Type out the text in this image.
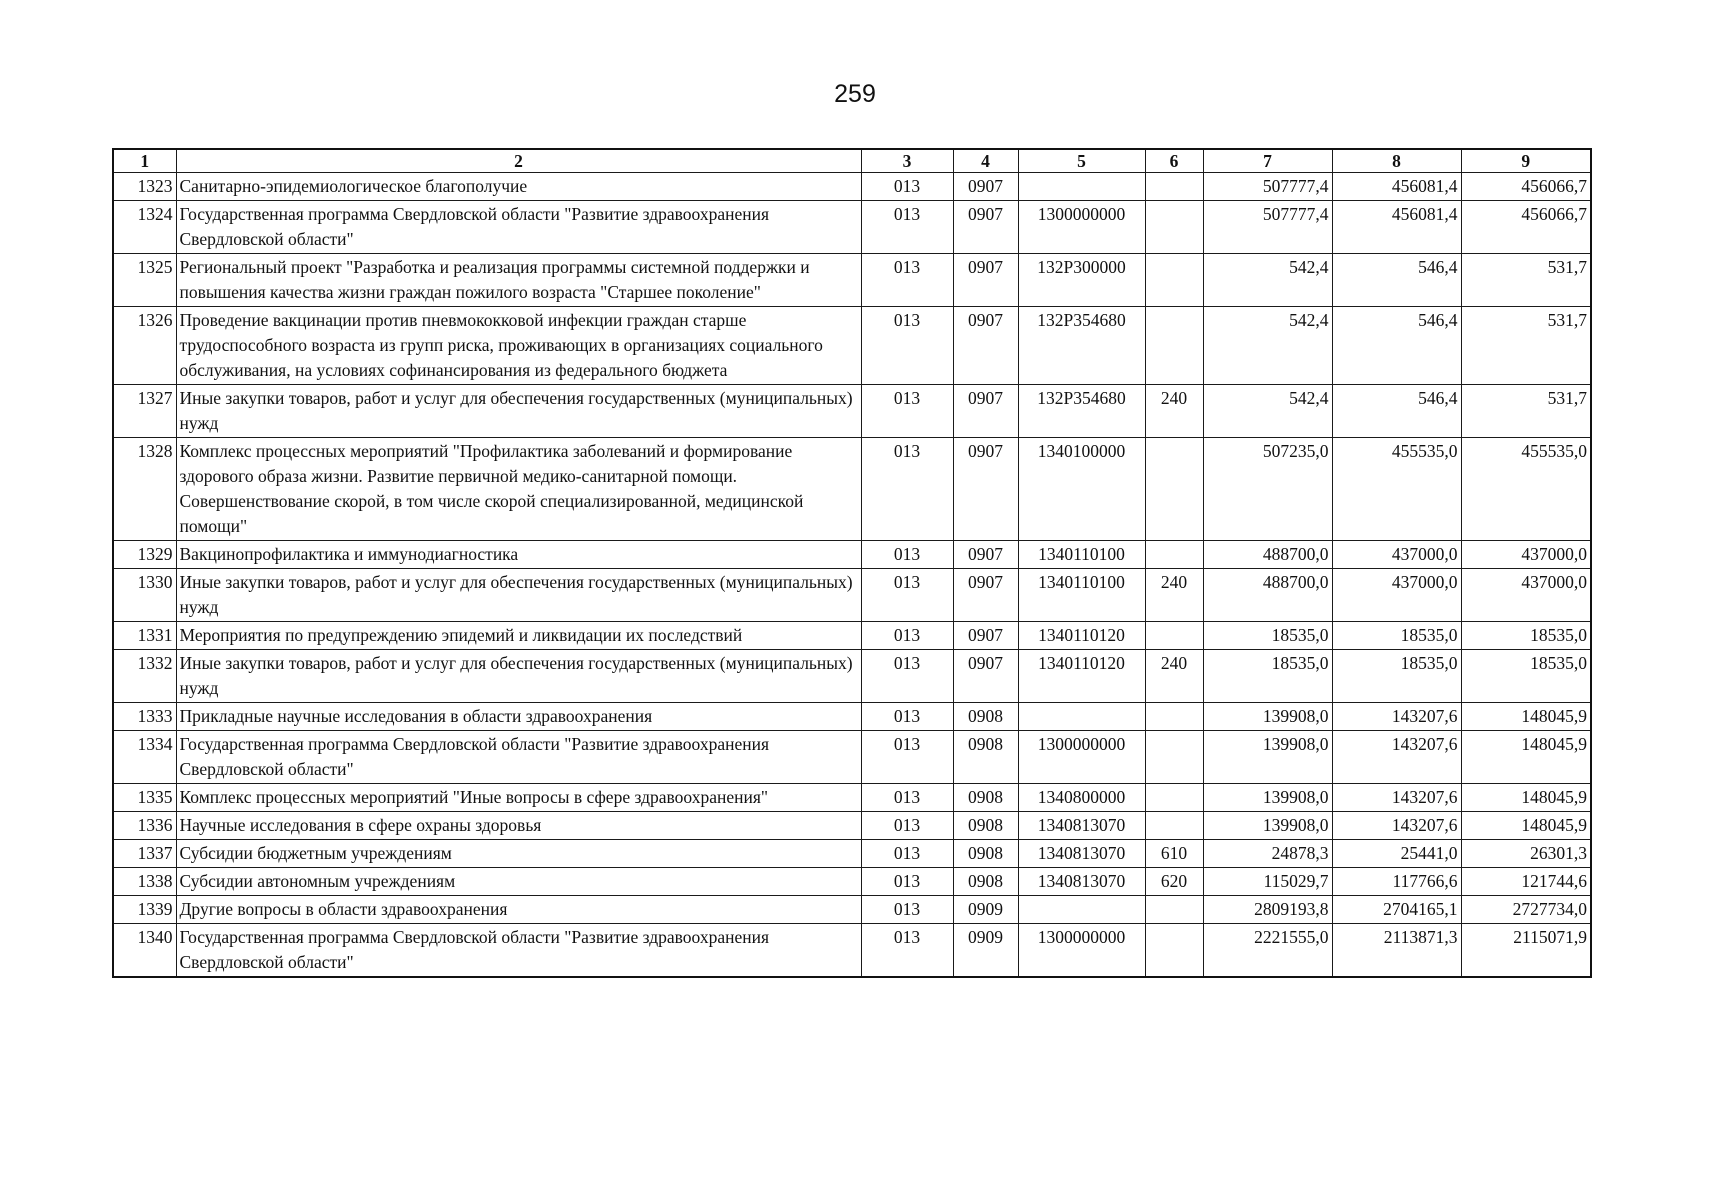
259
1	2	3	4	5	6	7	8	9
1323	Санитарно-эпидемиологическое благополучие	013	0907			507777,4	456081,4	456066,7
1324	Государственная программа Свердловской области "Развитие здравоохранения Свердловской области"	013	0907	1300000000		507777,4	456081,4	456066,7
1325	Региональный проект "Разработка и реализация программы системной поддержки и повышения качества жизни граждан пожилого возраста "Старшее поколение"	013	0907	132P300000		542,4	546,4	531,7
1326	Проведение вакцинации против пневмококковой инфекции граждан старше трудоспособного возраста из групп риска, проживающих в организациях социального обслуживания, на условиях софинансирования из федерального бюджета	013	0907	132P354680		542,4	546,4	531,7
1327	Иные закупки товаров, работ и услуг для обеспечения государственных (муниципальных) нужд	013	0907	132P354680	240	542,4	546,4	531,7
1328	Комплекс процессных мероприятий "Профилактика заболеваний и формирование здорового образа жизни. Развитие первичной медико-санитарной помощи. Совершенствование скорой, в том числе скорой специализированной, медицинской помощи"	013	0907	1340100000		507235,0	455535,0	455535,0
1329	Вакцинопрофилактика и иммунодиагностика	013	0907	1340110100		488700,0	437000,0	437000,0
1330	Иные закупки товаров, работ и услуг для обеспечения государственных (муниципальных) нужд	013	0907	1340110100	240	488700,0	437000,0	437000,0
1331	Мероприятия по предупреждению эпидемий и ликвидации их последствий	013	0907	1340110120		18535,0	18535,0	18535,0
1332	Иные закупки товаров, работ и услуг для обеспечения государственных (муниципальных) нужд	013	0907	1340110120	240	18535,0	18535,0	18535,0
1333	Прикладные научные исследования в области здравоохранения	013	0908			139908,0	143207,6	148045,9
1334	Государственная программа Свердловской области "Развитие здравоохранения Свердловской области"	013	0908	1300000000		139908,0	143207,6	148045,9
1335	Комплекс процессных мероприятий "Иные вопросы в сфере здравоохранения"	013	0908	1340800000		139908,0	143207,6	148045,9
1336	Научные исследования в сфере охраны здоровья	013	0908	1340813070		139908,0	143207,6	148045,9
1337	Субсидии бюджетным учреждениям	013	0908	1340813070	610	24878,3	25441,0	26301,3
1338	Субсидии автономным учреждениям	013	0908	1340813070	620	115029,7	117766,6	121744,6
1339	Другие вопросы в области здравоохранения	013	0909			2809193,8	2704165,1	2727734,0
1340	Государственная программа Свердловской области "Развитие здравоохранения Свердловской области"	013	0909	1300000000		2221555,0	2113871,3	2115071,9
